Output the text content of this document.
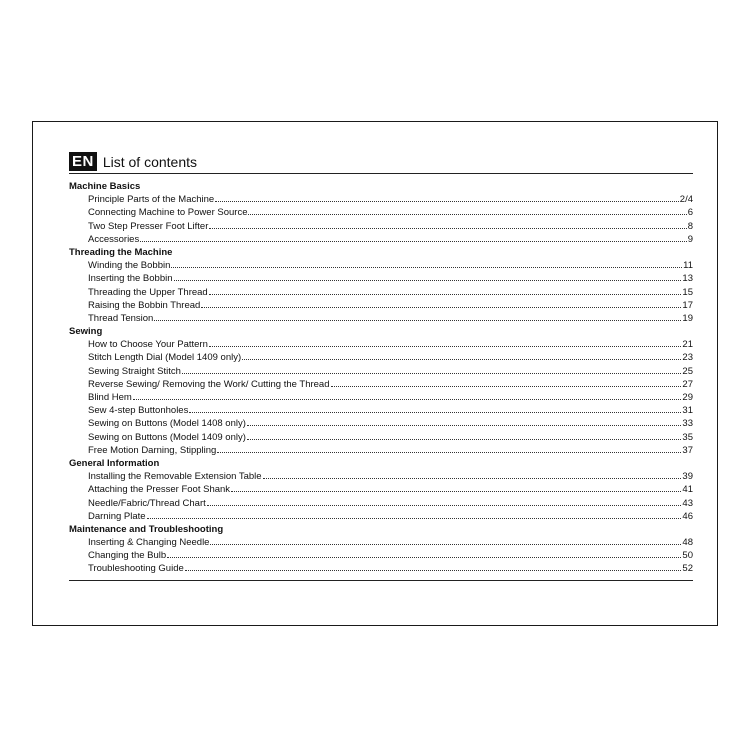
EN List of contents
Machine Basics
Principle Parts of the Machine	2/4
Connecting Machine to Power Source	6
Two Step Presser Foot Lifter	8
Accessories	9
Threading the Machine
Winding the Bobbin	11
Inserting the Bobbin	13
Threading the Upper Thread	15
Raising the Bobbin Thread	17
Thread Tension	19
Sewing
How to Choose Your Pattern	21
Stitch Length Dial (Model 1409 only)	23
Sewing Straight Stitch	25
Reverse Sewing/ Removing the Work/ Cutting the Thread	27
Blind Hem	29
Sew 4-step Buttonholes	31
Sewing on Buttons (Model 1408 only)	33
Sewing on Buttons (Model 1409 only)	35
Free Motion Darning, Stippling	37
General Information
Installing the Removable Extension Table	39
Attaching the Presser Foot Shank	41
Needle/Fabric/Thread Chart	43
Darning Plate	46
Maintenance and Troubleshooting
Inserting & Changing Needle	48
Changing the Bulb	50
Troubleshooting Guide	52
